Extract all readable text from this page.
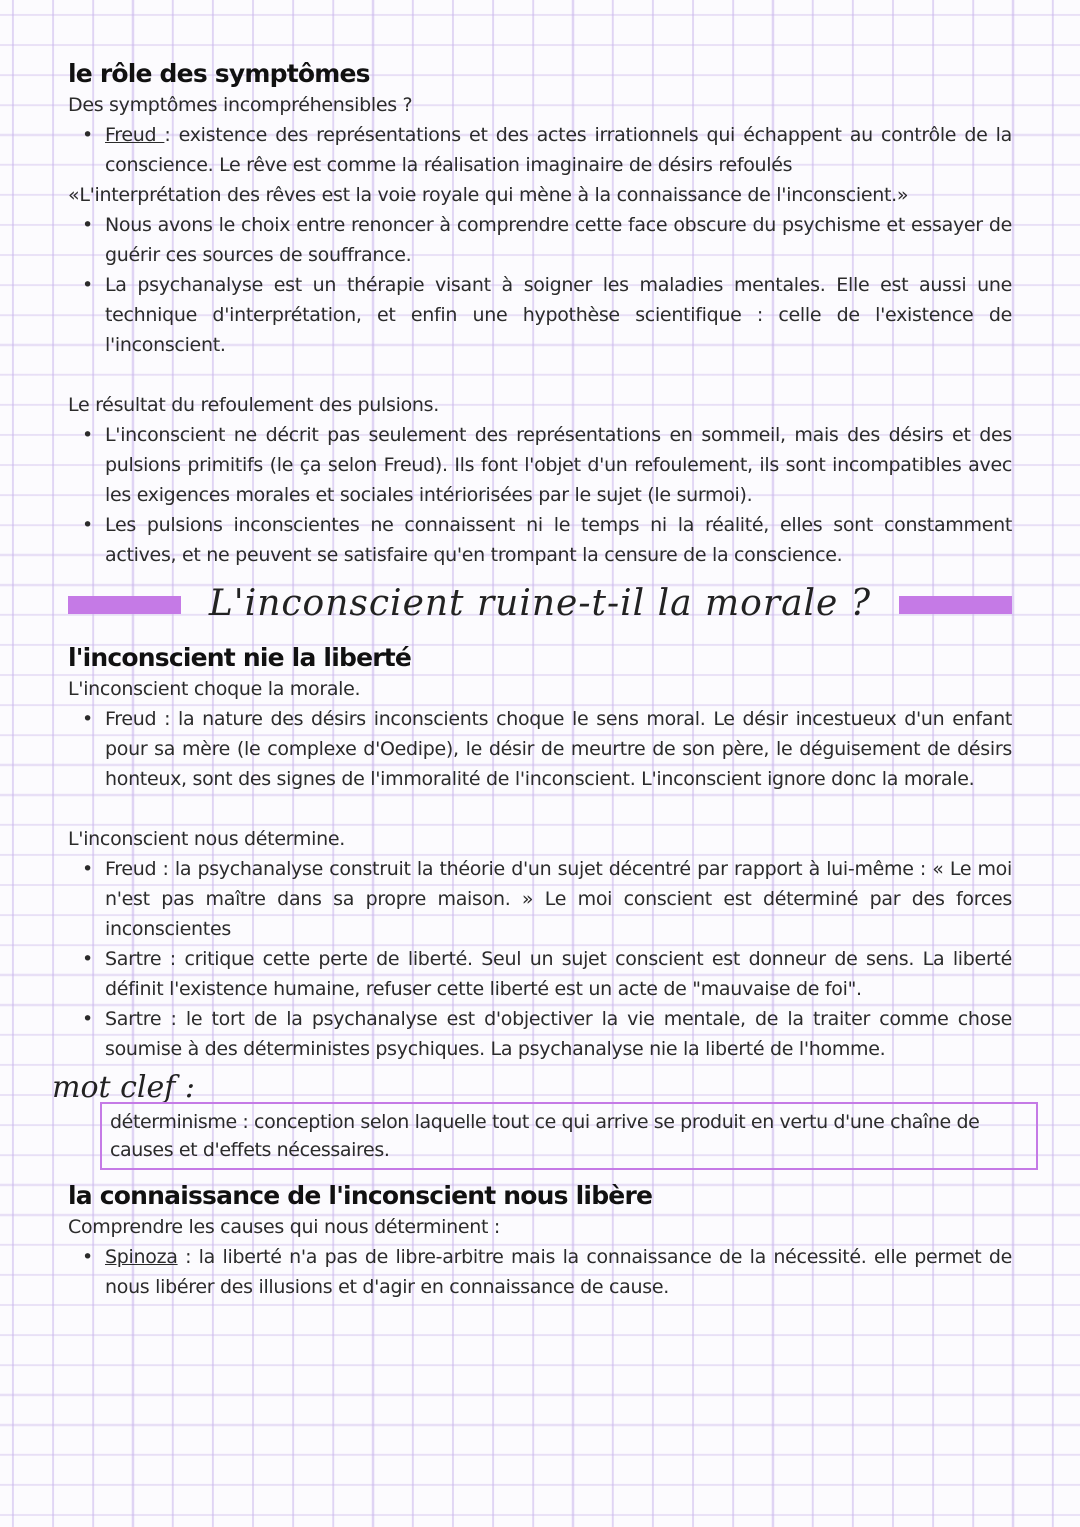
le rôle des symptômes

Des symptômes incompréhensibles ?

• Freud : existence des représentations et des actes irrationnels qui échappent au contrôle de la conscience. Le rêve est comme la réalisation imaginaire de désirs refoulés

«L'interprétation des rêves est la voie royale qui mène à la connaissance de l'inconscient.»

• Nous avons le choix entre renoncer à comprendre cette face obscure du psychisme et essayer de guérir ces sources de souffrance.
• La psychanalyse est un thérapie visant à soigner les maladies mentales. Elle est aussi une technique d'interprétation, et enfin une hypothèse scientifique : celle de l'existence de l'inconscient.

Le résultat du refoulement des pulsions.

• L'inconscient ne décrit pas seulement des représentations en sommeil, mais des désirs et des pulsions primitifs (le ça selon Freud). Ils font l'objet d'un refoulement, ils sont incompatibles avec les exigences morales et sociales intériorisées par le sujet (le surmoi).
• Les pulsions inconscientes ne connaissent ni le temps ni la réalité, elles sont constamment actives, et ne peuvent se satisfaire qu'en trompant la censure de la conscience.
L'inconscient ruine-t-il la morale ?
l'inconscient nie la liberté

L'inconscient choque la morale.

• Freud : la nature des désirs inconscients choque le sens moral. Le désir incestueux d'un enfant pour sa mère (le complexe d'Oedipe), le désir de meurtre de son père, le déguisement de désirs honteux, sont des signes de l'immoralité de l'inconscient. L'inconscient ignore donc la morale.

L'inconscient nous détermine.

• Freud : la psychanalyse construit la théorie d'un sujet décentré par rapport à lui-même : « Le moi n'est pas maître dans sa propre maison. » Le moi conscient est déterminé par des forces inconscientes
• Sartre : critique cette perte de liberté. Seul un sujet conscient est donneur de sens. La liberté définit l'existence humaine, refuser cette liberté est un acte de "mauvaise de foi".
• Sartre : le tort de la psychanalyse est d'objectiver la vie mentale, de la traiter comme chose soumise à des déterministes psychiques. La psychanalyse nie la liberté de l'homme.
mot clef :
déterminisme : conception selon laquelle tout ce qui arrive se produit en vertu d'une chaîne de causes et d'effets nécessaires.
la connaissance de l'inconscient nous libère

Comprendre les causes qui nous déterminent :

• Spinoza : la liberté n'a pas de libre-arbitre mais la connaissance de la nécessité. elle permet de nous libérer des illusions et d'agir en connaissance de cause.
